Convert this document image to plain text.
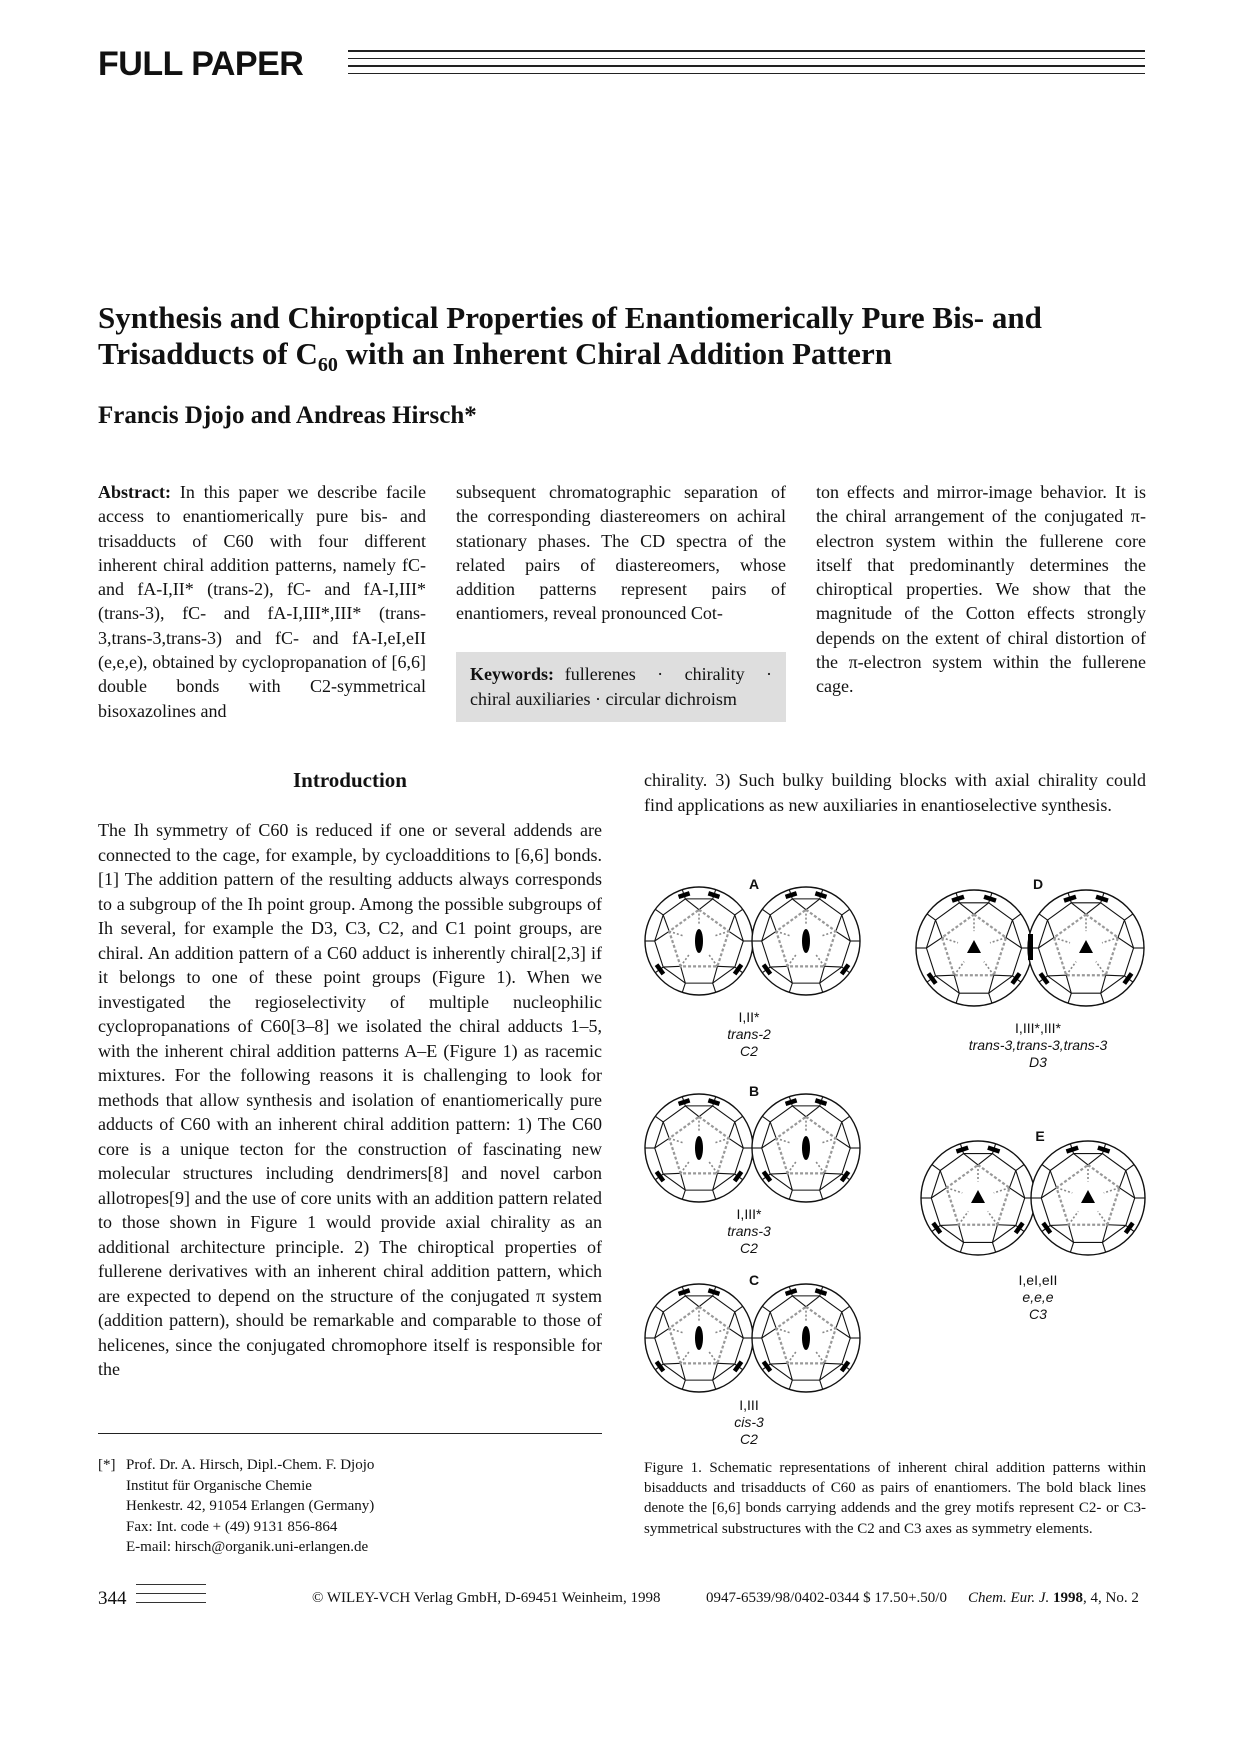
FULL PAPER
Synthesis and Chiroptical Properties of Enantiomerically Pure Bis- and
Trisadducts of $C_{60}$ with an Inherent Chiral Addition Pattern
Francis Djojo and Andreas Hirsch*
Abstract: In this paper we describe facile access to enantiomerically pure bis- and trisadducts of C60 with four different inherent chiral addition patterns, namely fC- and fA-I,II* (trans-2), fC- and fA-I,III* (trans-3), fC- and fA-I,III*,III* (trans-3,trans-3,trans-3) and fC- and fA-I,eI,eII (e,e,e), obtained by cyclopropanation of [6,6] double bonds with C2-symmetrical bisoxazolines and
subsequent chromatographic separation of the corresponding diastereomers on achiral stationary phases. The CD spectra of the related pairs of diastereomers, whose addition patterns represent pairs of enantiomers, reveal pronounced Cot-
ton effects and mirror-image behavior. It is the chiral arrangement of the conjugated π-electron system within the fullerene core itself that predominantly determines the chiroptical properties. We show that the magnitude of the Cotton effects strongly depends on the extent of chiral distortion of the π-electron system within the fullerene cage.
Keywords: fullerenes  ·  chirality  · chiral auxiliaries · circular dichroism
Introduction
The Ih symmetry of C60 is reduced if one or several addends are connected to the cage, for example, by cycloadditions to [6,6] bonds.[1] The addition pattern of the resulting adducts always corresponds to a subgroup of the Ih point group. Among the possible subgroups of Ih several, for example the D3, C3, C2, and C1 point groups, are chiral. An addition pattern of a C60 adduct is inherently chiral[2,3] if it belongs to one of these point groups (Figure 1). When we investigated the regioselectivity of multiple nucleophilic cyclopropanations of C60[3–8] we isolated the chiral adducts 1–5, with the inherent chiral addition patterns A–E (Figure 1) as racemic mixtures. For the following reasons it is challenging to look for methods that allow synthesis and isolation of enantiomerically pure adducts of C60 with an inherent chiral addition pattern: 1) The C60 core is a unique tecton for the construction of fascinating new molecular structures including dendrimers[8] and novel carbon allotropes[9] and the use of core units with an addition pattern related to those shown in Figure 1 would provide axial chirality as an additional architecture principle. 2) The chiroptical properties of fullerene derivatives with an inherent chiral addition pattern, which are expected to depend on the structure of the conjugated π system (addition pattern), should be remarkable and comparable to those of helicenes, since the conjugated chromophore itself is responsible for the
chirality. 3) Such bulky building blocks with axial chirality could find applications as new auxiliaries in enantioselective synthesis.
A
I,II*
trans-2
C2
B
I,III*
trans-3
C2
C
I,III
cis-3
C2
D
I,III*,III*
trans-3,trans-3,trans-3
D3
E
I,eI,eII
e,e,e
C3
Figure 1. Schematic representations of inherent chiral addition patterns within bisadducts and trisadducts of C60 as pairs of enantiomers. The bold black lines denote the [6,6] bonds carrying addends and the grey motifs represent C2- or C3-symmetrical substructures with the C2 and C3 axes as symmetry elements.
[*] Prof. Dr. A. Hirsch, Dipl.-Chem. F. Djojo
Institut für Organische Chemie
Henkestr. 42, 91054 Erlangen (Germany)
Fax: Int. code + (49) 9131 856-864
E-mail: hirsch@organik.uni-erlangen.de
344	© WILEY-VCH Verlag GmbH, D-69451 Weinheim, 1998	0947-6539/98/0402-0344 $ 17.50+.50/0 Chem. Eur. J. 1998, 4, No. 2
